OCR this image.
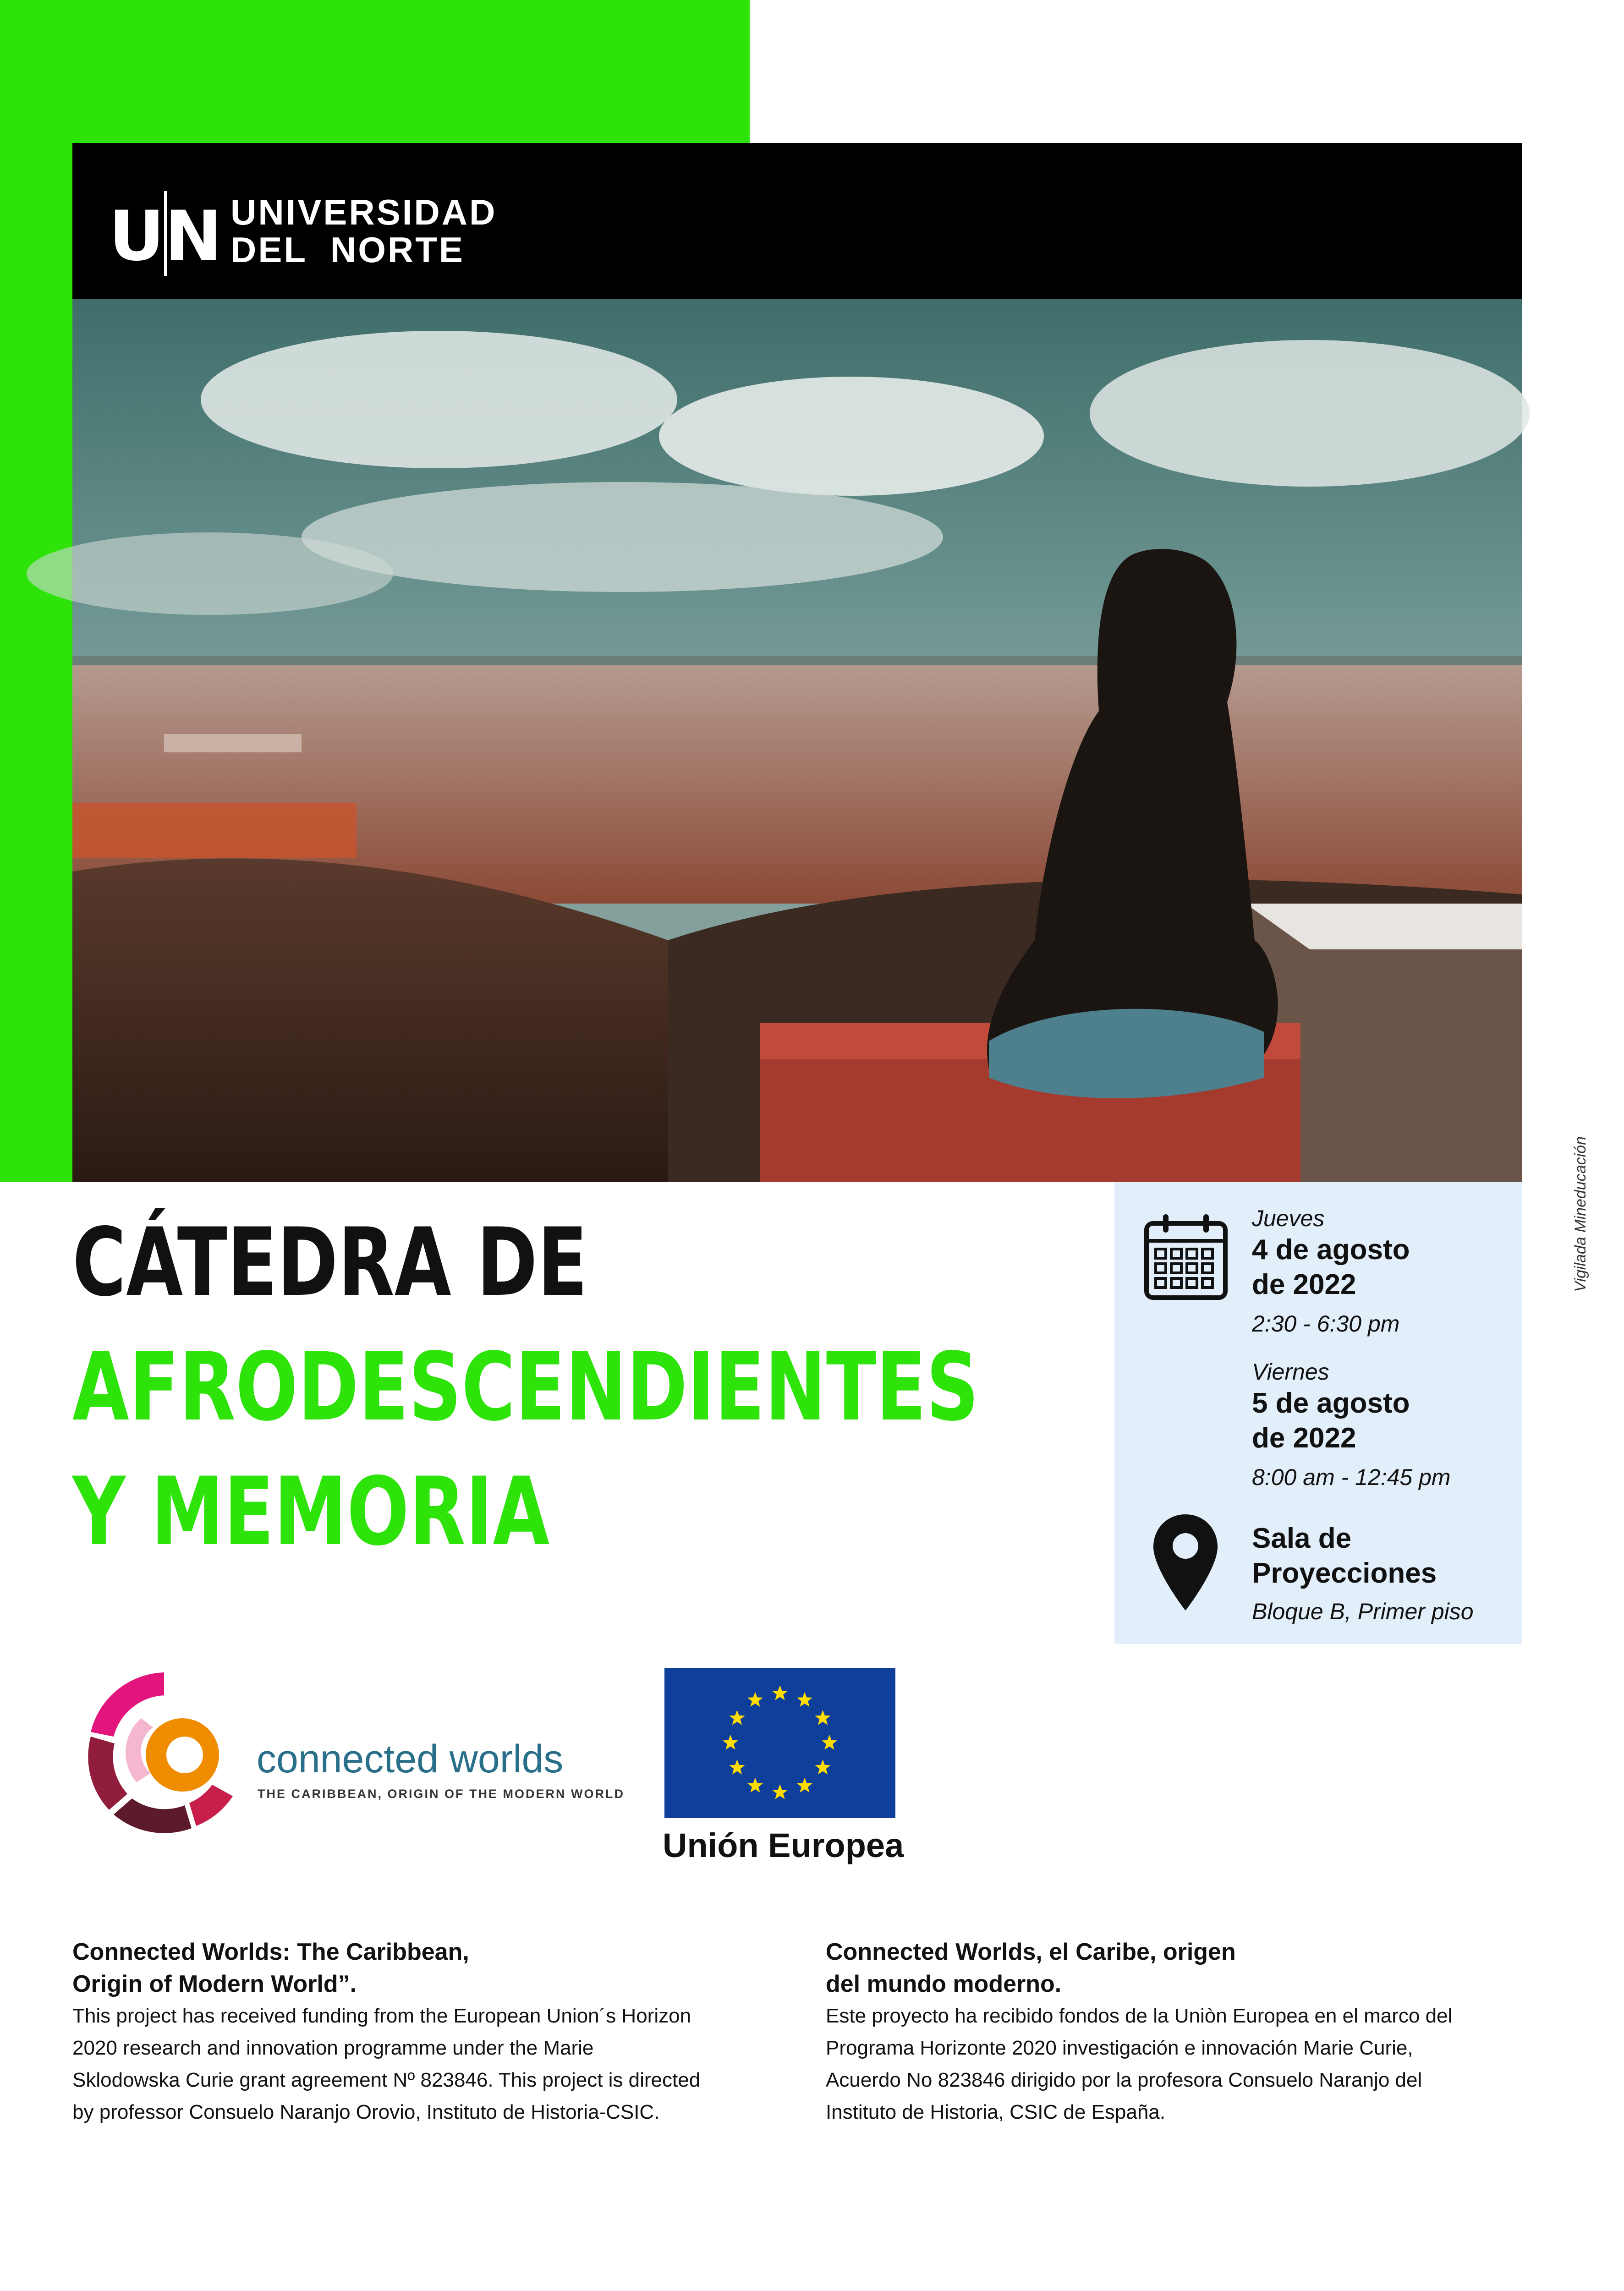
UN UNIVERSIDAD
DEL  NORTE
Vigilada Mineducación
CÁTEDRA DE
AFRODESCENDIENTES
Y MEMORIA
Jueves
4 de agosto
de 2022
2:30 - 6:30 pm
Viernes
5 de agosto
de 2022
8:00 am - 12:45 pm
Sala de
Proyecciones
Bloque B, Primer piso
connected worlds
THE CARIBBEAN, ORIGIN OF THE MODERN WORLD
Unión Europea
Connected Worlds: The Caribbean,
Origin of Modern World”.

This project has received funding from the European Union´s Horizon

2020 research and innovation programme under the Marie

Sklodowska Curie grant agreement Nº 823846. This project is directed

by professor Consuelo Naranjo Orovio, Instituto de Historia-CSIC.

Connected Worlds, el Caribe, origen
del mundo moderno.

Este proyecto ha recibido fondos de la Uniòn Europea en el marco del

Programa Horizonte 2020 investigación e innovación Marie Curie,

Acuerdo No 823846 dirigido por la profesora Consuelo Naranjo del

Instituto de Historia, CSIC de España.
